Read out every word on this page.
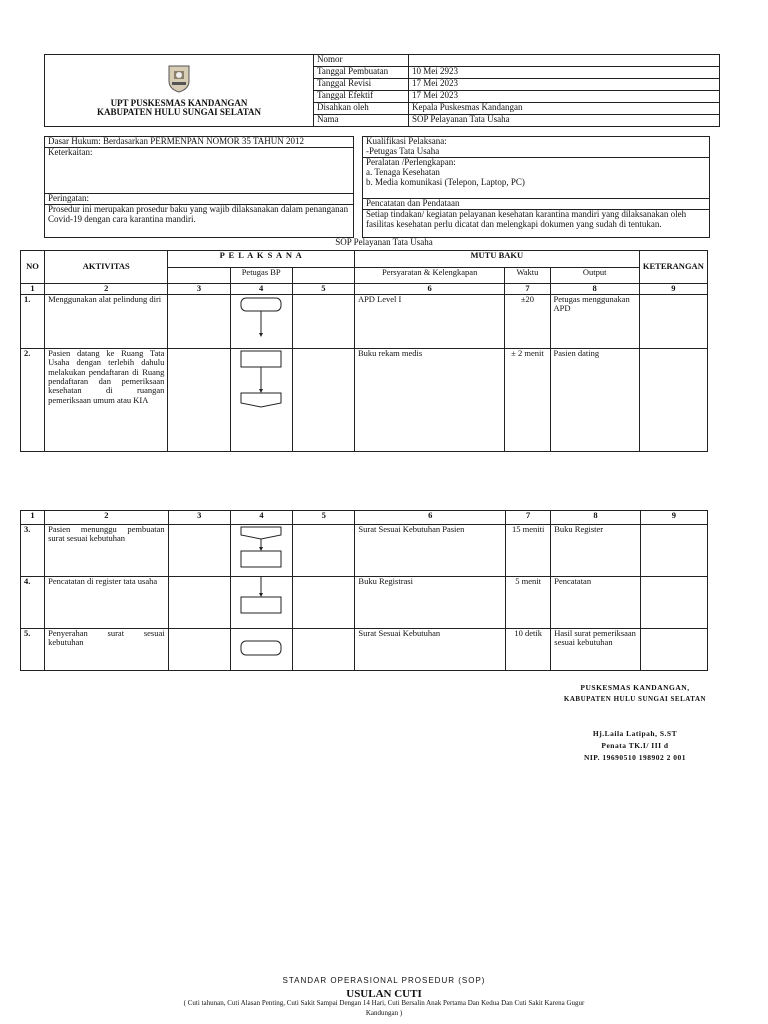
UPT PUSKESMAS KANDANGAN
KABUPATEN HULU SUNGAI SELATAN	Nomor	
	Tanggal Pembuatan	10 Mei 2923
	Tanggal Revisi	17 Mei 2023
	Tanggal Efektif	17 Mei 2023
	Disahkan oleh	Kepala Puskesmas Kandangan
	Nama	SOP Pelayanan Tata Usaha
Dasar Hukum: Berdasarkan PERMENPAN NOMOR 35 TAHUN 2012
Keterkaitan:
Peringatan:
Prosedur ini merupakan prosedur baku yang wajib dilaksanakan dalam penanganan Covid-19 dengan cara karantina mandiri.
Kualifikasi Pelaksana:
-Petugas Tata Usaha
Peralatan /Perlengkapan:
a. Tenaga Kesehatan
b. Media komunikasi (Telepon, Laptop, PC)
Pencatatan dan Pendataan
Setiap tindakan/ kegiatan pelayanan kesehatan karantina mandiri yang dilaksanakan oleh fasilitas kesehatan perlu dicatat dan melengkapi dokumen yang sudah di tentukan.
SOP Pelayanan Tata Usaha
NO	AKTIVITAS	P E L A K S A N A			MUTU BAKU			KETERANGAN
			Petugas BP		Persyaratan & Kelengkapan	Waktu	Output	
1	2	3	4	5	6	7	8	9
1.	Menggunakan alat pelindung diri				APD Level I	±20	Petugas menggunakan APD	
2.	Pasien datang ke Ruang Tata Usaha dengan terlebih dahulu melakukan pendaftaran di Ruang pendaftaran dan pemeriksaan kesehatan di ruangan pemeriksaan umum atau KIA				Buku rekam medis	± 2 menit	Pasien dating	
1	2	3	4	5	6	7	8	9
3.	Pasien menunggu pembuatan surat sesuai kebutuhan				Surat Sesuai Kebutuhan Pasien	15 meniti	Buku Register	
4.	Pencatatan di register tata usaha				Buku Registrasi	5 menit	Pencatatan	
5.	Penyerahan surat sesuai kebutuhan				Surat Sesuai Kebutuhan	10 detik	Hasil surat pemeriksaan sesuai kebutuhan	
PUSKESMAS KANDANGAN,
KABUPATEN HULU SUNGAI SELATAN
Hj.Laila Latipah, S.ST
Penata TK.I/ III d
NIP. 19690510 198902 2 001
STANDAR OPERASIONAL PROSEDUR (SOP)
USULAN CUTI
( Cuti tahunan, Cuti Alasan Penting, Cuti Sakit Sampai Dengan 14 Hari, Cuti Bersalin Anak Pertama Dan Kedua Dan Cuti Sakit Karena Gugur
Kandungan )
